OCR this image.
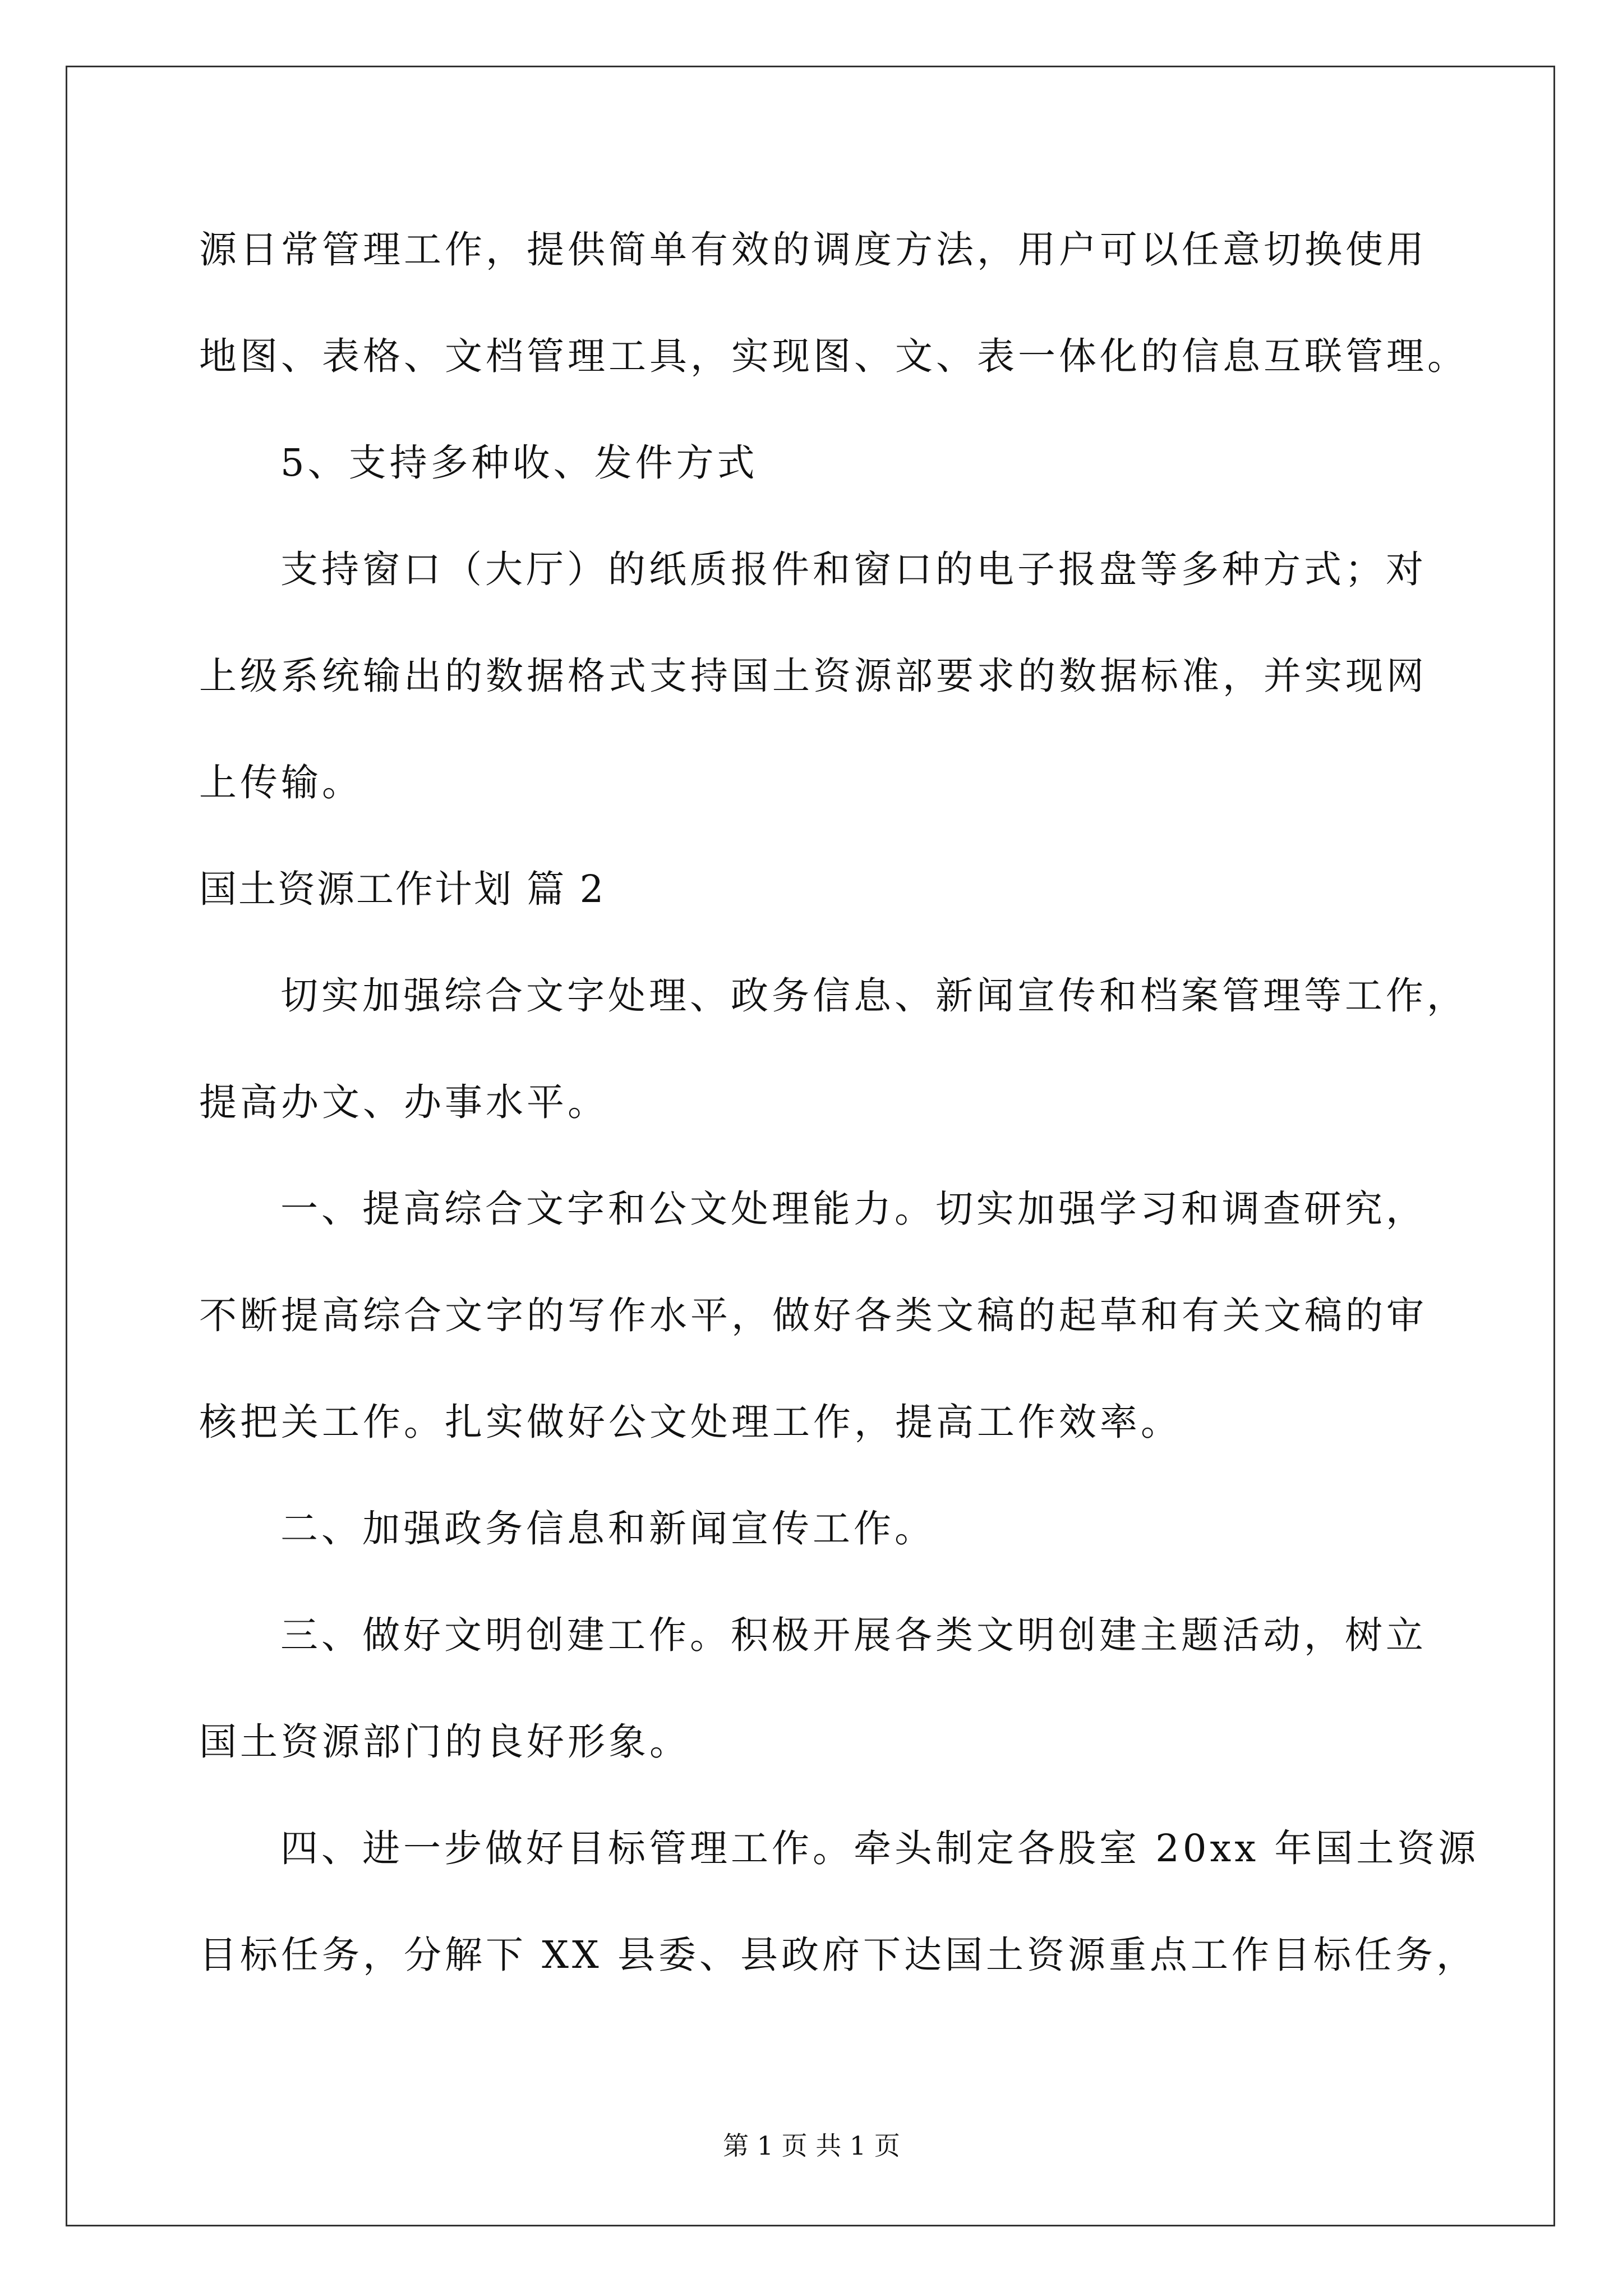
源日常管理工作，提供简单有效的调度方法，用户可以任意切换使用
地图、表格、文档管理工具，实现图、文、表一体化的信息互联管理。
5、支持多种收、发件方式
支持窗口（大厅）的纸质报件和窗口的电子报盘等多种方式；对
上级系统输出的数据格式支持国土资源部要求的数据标准，并实现网
上传输。
国土资源工作计划 篇 2
切实加强综合文字处理、政务信息、新闻宣传和档案管理等工作，
提高办文、办事水平。
一、提高综合文字和公文处理能力。切实加强学习和调查研究，
不断提高综合文字的写作水平，做好各类文稿的起草和有关文稿的审
核把关工作。扎实做好公文处理工作，提高工作效率。
二、加强政务信息和新闻宣传工作。
三、做好文明创建工作。积极开展各类文明创建主题活动，树立
国土资源部门的良好形象。
四、进一步做好目标管理工作。牵头制定各股室 20xx 年国土资源
目标任务，分解下 XX 县委、县政府下达国土资源重点工作目标任务，
第 1 页 共 1 页
